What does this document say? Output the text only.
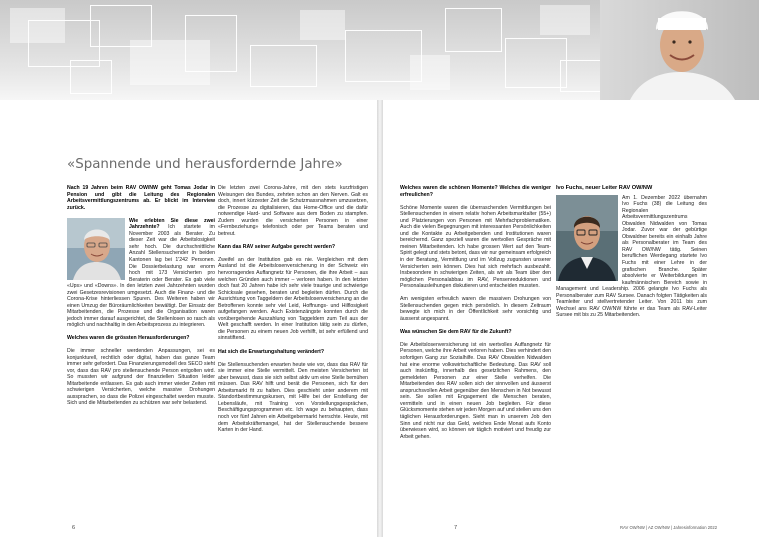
«Spannende und herausfordernde Jahre»

Nach 19 Jahren beim RAV OW/NW geht Tomas Jodar in Pension und gibt die Leitung des Regionalen Arbeitsvermittlungszentrums ab. Er blickt im Interview zurück.

Wie erlebten Sie diese zwei Jahrzehnte? Ich startete im November 2003 als Berater. Zu dieser Zeit war die Arbeitslosigkeit sehr hoch. Die durchschnittliche Anzahl Stellensuchender in beiden Kantonen lag bei 1'242 Personen. Die Dossierbelastung war enorm hoch mit 173 Versicherten pro Beraterin oder Berater. Es gab viele «Ups» und «Downs». In den letzten zwei Jahrzehnten wurden zwei Gesetzesrevisionen umgesetzt. Auch die Finanz- und die Corona-Krise hinterliessen Spuren. Des Weiteren haben wir einen Umzug der Büroräumlichkeiten bewältigt. Der Einsatz der Mitarbeitenden, die Prozesse und die Organisation waren jedoch immer darauf ausgerichtet, die Stellenlosen so rasch als möglich und nachhaltig in den Arbeitsprozess zu integrieren.

Welches waren die grössten Herausforderungen?

Die immer schneller werdenden Anpassungen, sei es konjunkturell, rechtlich oder digital, haben das ganze Team immer sehr gefordert. Das Finanzierungsmodell des SECO sieht vor, dass das RAV pro stellensuchende Person entgolten wird. So mussten wir aufgrund der finanziellen Situation leider Mitarbeitende entlassen. Es gab auch immer wieder Zeiten mit schwierigen Versicherten, welche massive Drohungen aussprachen, so dass die Polizei eingeschaltet werden musste. Sich und die Mitarbeitenden zu schützen war sehr belastend.

Die letzten zwei Corona-Jahre, mit den stets kurzfristigen Weisungen des Bundes, zehrten schon an den Nerven. Galt es doch, innert kürzester Zeit die Schutzmassnahmen umzusetzen, die Prozesse zu digitalisieren, das Home-Office und die dafür notwendige Hard- und Software aus dem Boden zu stampfen. Zudem wurden die versicherten Personen in einer «Fernbeziehung» telefonisch oder per Teams beraten und betreut.

Kann das RAV seiner Aufgabe gerecht werden?

Zweifel an der Institution gab es nie. Vergleichen mit dem Ausland ist die Arbeitslosenversicherung in der Schweiz ein hervorragendes Auffangnetz für Personen, die ihre Arbeit – aus welchen Gründen auch immer – verloren haben. In den letzten doch fast 20 Jahren habe ich sehr viele traurige und schwierige Schicksale gesehen, beraten und begleiten dürfen. Durch die Ausrichtung von Taggeldern der Arbeitslosenversicherung an die Betroffenen konnte sehr viel Leid, Hoffnungs- und Hilflosigkeit aufgefangen werden. Auch Existenzängste konnten durch die vorübergehende Auszahlung von Taggeldern zum Teil aus der Welt geschafft werden. In einer Institution tätig sein zu dürfen, die Personen zu einem neuen Job verhilft, ist sehr erfüllend und sinnstiftend.

Hat sich die Erwartungshaltung verändert?

Die Stellensuchenden erwarten heute wie vor, dass das RAV für sie immer eine Stelle vermittelt. Den meisten Versicherten ist aber bewusst, dass sie sich selbst aktiv um eine Stelle bemühen müssen. Das RAV hilft und berät die Personen, sich für den Arbeitsmarkt fit zu halten. Dies geschieht unter anderem mit Standortbestimmungskursen, mit Hilfe bei der Erstellung der Lebensläufe, mit Training von Vorstellungsgesprächen, Beschäftigungsprogrammen etc. Ich wage zu behaupten, dass noch vor fünf Jahren ein Arbeitgebermarkt herrschte. Heute, mit dem Arbeitskräftemangel, hat der Stellensuchende bessere Karten in der Hand.

Welches waren die schönen Momente? Welches die weniger erfreulichen?

Schöne Momente waren die überraschenden Vermittlungen bei Stellensuchenden in einem relativ hohen Arbeitsmarktalter (55+) und Platzierungen von Personen mit Mehrfachproblematiken. Auch die vielen Begegnungen mit interessanten Persönlichkeiten und die Kontakte zu Arbeitgebenden und Institutionen waren bereichernd. Ganz speziell waren die wertvollen Gespräche mit meinen Mitarbeitenden. Ich habe grossen Wert auf den Team-Spirit gelegt und stets betont, dass wir nur gemeinsam erfolgreich in der Beratung, Vermittlung und im Vollzug zugunsten unserer Versicherten sein können. Dies hat sich mehrfach ausbezahlt. Insbesondere in schwierigen Zeiten, als wir als Team über den möglichen Personalabbau im RAV, Pensenreduktionen und Personalausleihungen diskutieren und entscheiden mussten.

Am wenigsten erfreulich waren die massiven Drohungen von Stellensuchenden gegen mich persönlich. In diesem Zeitraum bewegte ich mich in der Öffentlichkeit sehr vorsichtig und äusserst angespannt.

Was wünschen Sie dem RAV für die Zukunft?

Die Arbeitslosenversicherung ist ein wertvolles Auffangnetz für Personen, welche ihre Arbeit verloren haben. Dies verhindert den sofortigen Gang zur Sozialhilfe. Das RAV Obwalden Nidwalden hat eine enorme volkswirtschaftliche Bedeutung. Das RAV soll auch inskünftig, innerhalb des gesetzlichen Rahmens, den gemeldeten Personen zur einer Stelle verhelfen. Die Mitarbeitenden des RAV sollen sich der sinnvollen und äusserst anspruchsvollen Arbeit gegenüber den Menschen in Not bewusst sein. Sie sollen mit Engagement die Menschen beraten, vermitteln und in einen neuen Job begleiten. Für diese Glücksmomente stehen wir jeden Morgen auf und stellen uns den täglichen Herausforderungen. Sieht man in unserem Job den Sinn und nicht nur das Geld, welches Ende Monat aufs Konto überwiesen wird, so können wir täglich motiviert und freudig zur Arbeit gehen.

Ivo Fuchs, neuer Leiter RAV OW/NW

Am 1. Dezember 2022 übernahm Ivo Fuchs (38) die Leitung des Regionalen Arbeitsvermittlungszentrums Obwalden Nidwalden von Tomas Jodar. Zuvor war der gebürtige Obwaldner bereits ein einhalb Jahre als Personalberater im Team des RAV OW/NW tätig. Seinen beruflichen Werdegang startete Ivo Fuchs mit einer Lehre in der grafischen Branche. Später absolvierte er Weiterbildungen im kaufmännischen Bereich sowie in Management und Leadership. 2006 gelangte Ivo Fuchs als Personalberater zum RAV Sursee. Danach folgten Tätigkeiten als Teamleiter und stellvertretender Leiter. Von 2011 bis zum Wechsel ans RAV OW/NW führte er das Team als RAV-Leiter Sursee mit bis zu 25 Mitarbeitenden.
6	7	RAV OW/NW | AZ OW/NW | Jahresinformation 2022
